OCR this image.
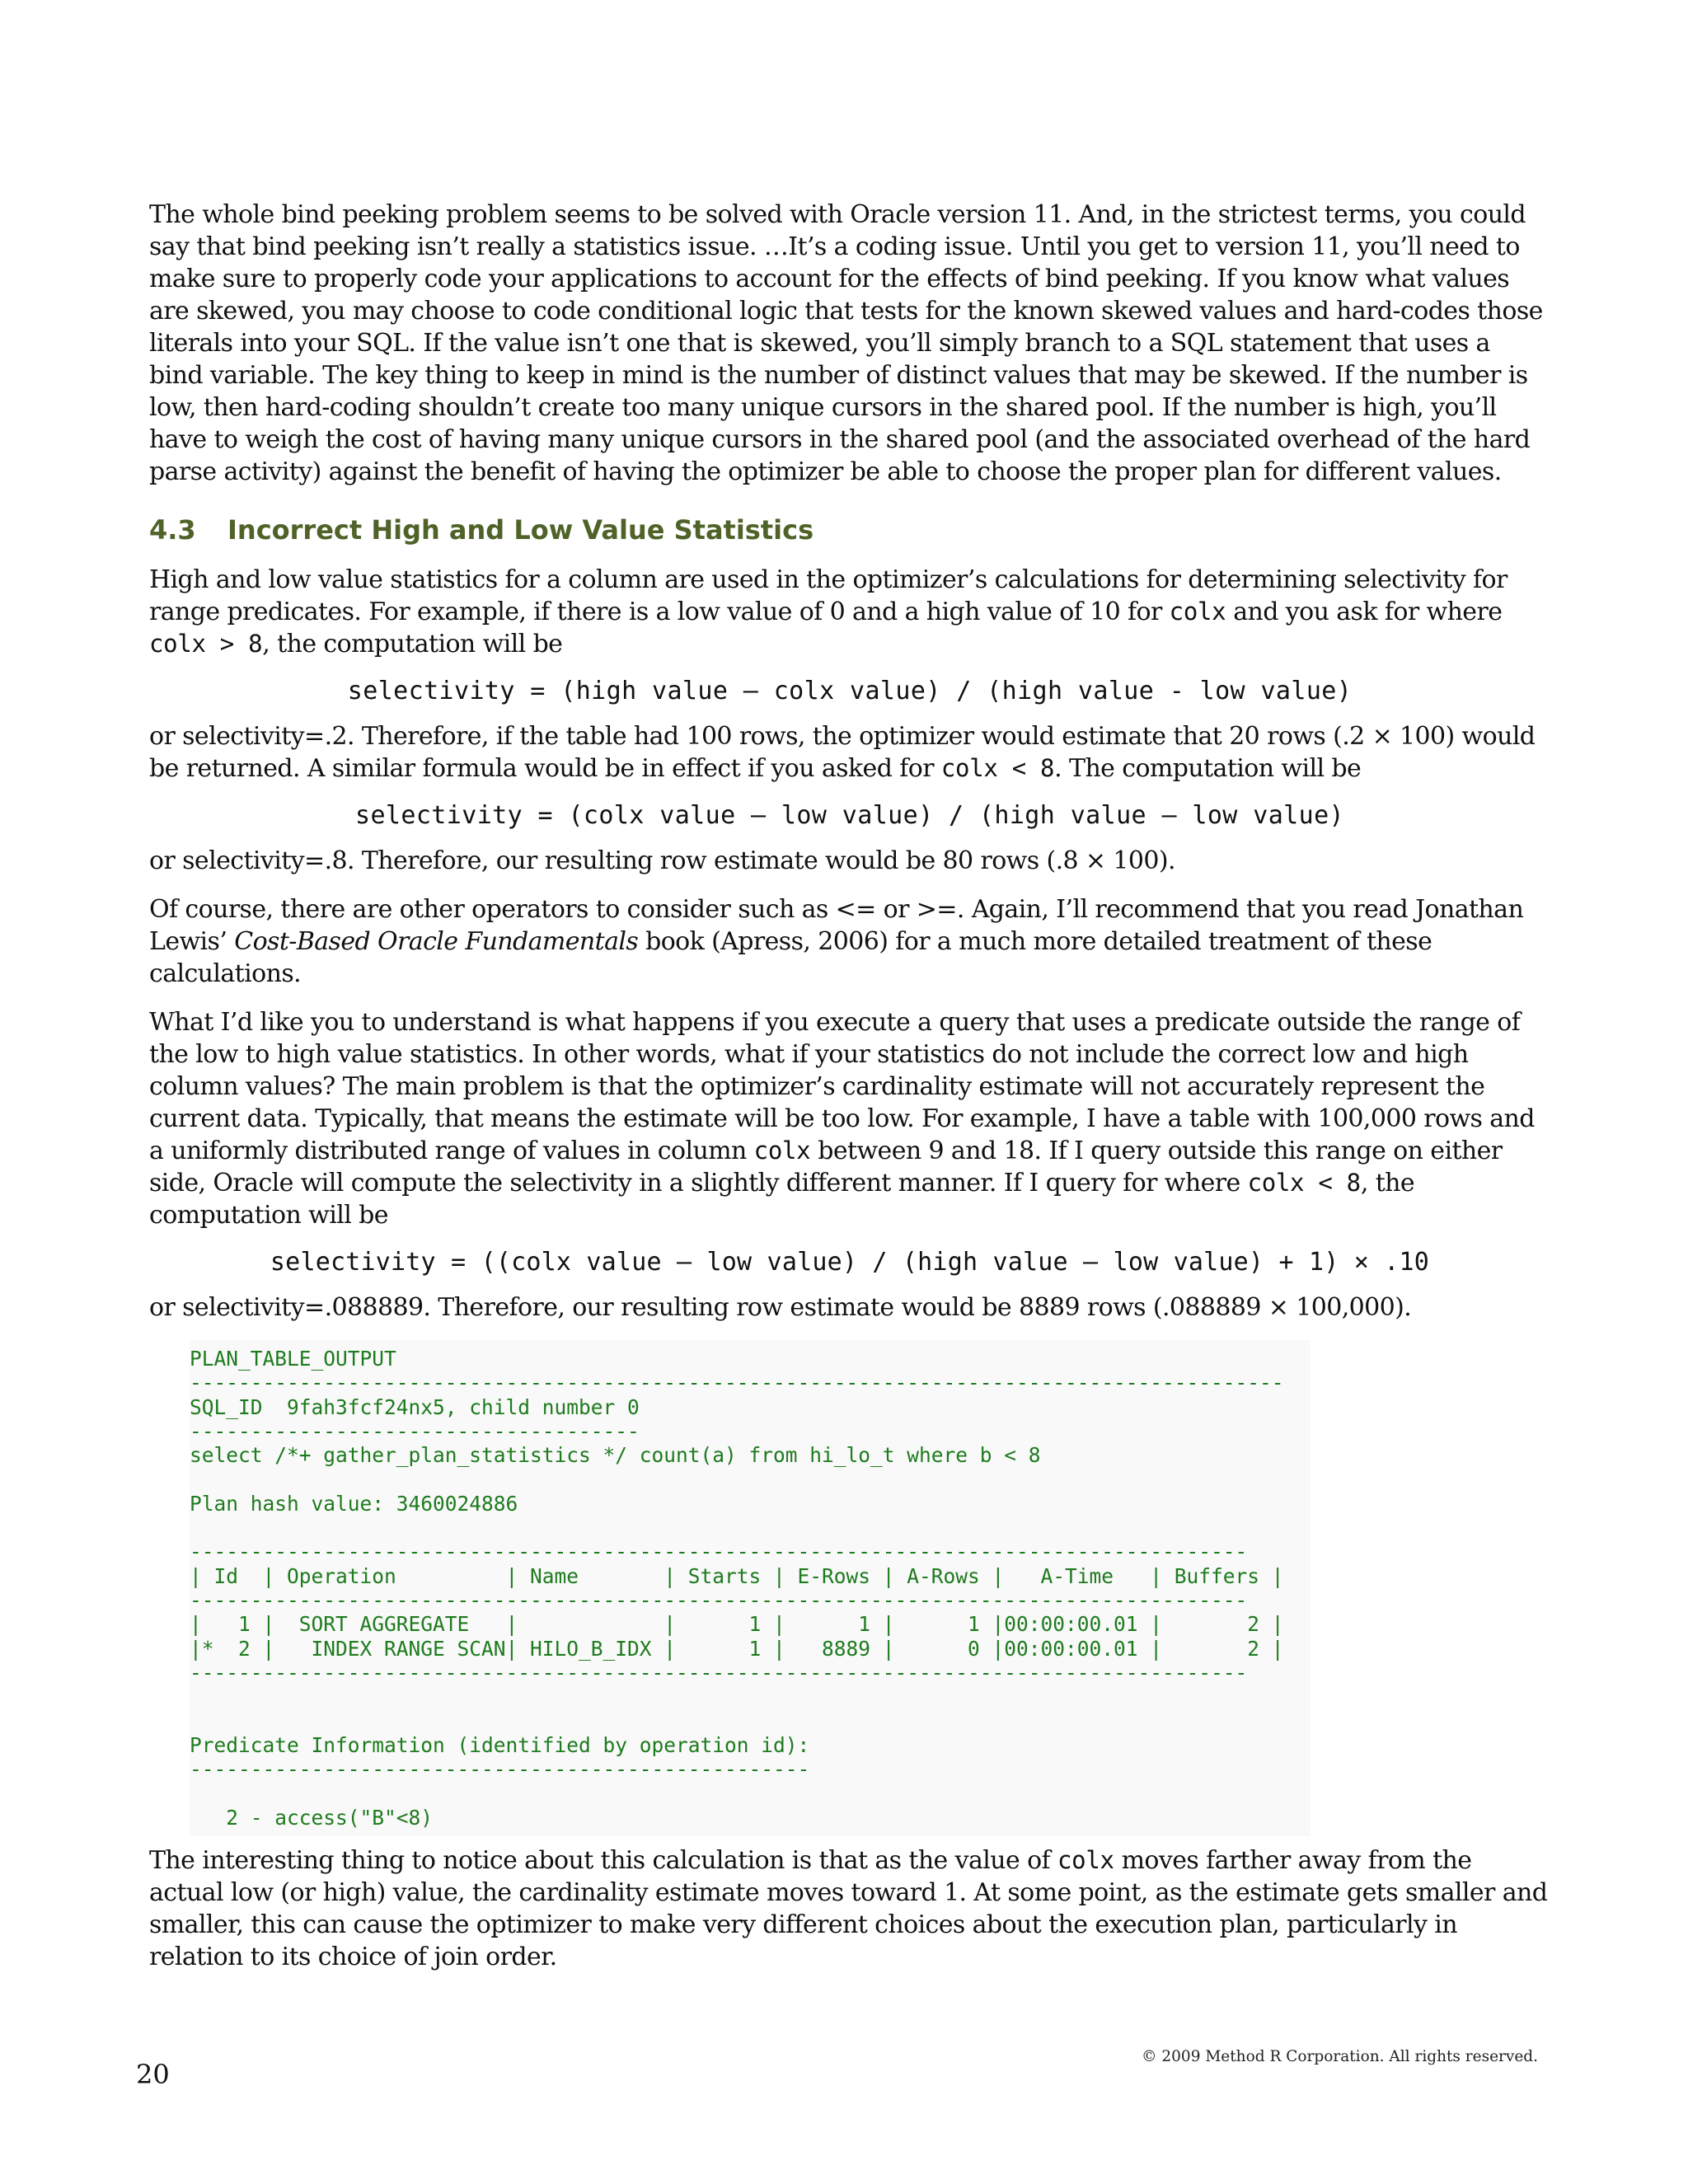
The whole bind peeking problem seems to be solved with Oracle version 11. And, in the strictest terms, you could say that bind peeking isn’t really a statistics issue. …It’s a coding issue. Until you get to version 11, you’ll need to make sure to properly code your applications to account for the effects of bind peeking. If you know what values are skewed, you may choose to code conditional logic that tests for the known skewed values and hard-codes those literals into your SQL. If the value isn’t one that is skewed, you’ll simply branch to a SQL statement that uses a bind variable. The key thing to keep in mind is the number of distinct values that may be skewed. If the number is low, then hard-coding shouldn’t create too many unique cursors in the shared pool. If the number is high, you’ll have to weigh the cost of having many unique cursors in the shared pool (and the associated overhead of the hard parse activity) against the benefit of having the optimizer be able to choose the proper plan for different values.

4.3 Incorrect High and Low Value Statistics

High and low value statistics for a column are used in the optimizer’s calculations for determining selectivity for range predicates. For example, if there is a low value of 0 and a high value of 10 for colx and you ask for where colx > 8, the computation will be

selectivity = (high value – colx value) / (high value - low value)

or selectivity=.2. Therefore, if the table had 100 rows, the optimizer would estimate that 20 rows (.2 × 100) would be returned. A similar formula would be in effect if you asked for colx < 8. The computation will be

selectivity = (colx value – low value) / (high value – low value)

or selectivity=.8. Therefore, our resulting row estimate would be 80 rows (.8 × 100).

Of course, there are other operators to consider such as <= or >=. Again, I’ll recommend that you read Jonathan Lewis’ Cost-Based Oracle Fundamentals book (Apress, 2006) for a much more detailed treatment of these calculations.

What I’d like you to understand is what happens if you execute a query that uses a predicate outside the range of the low to high value statistics. In other words, what if your statistics do not include the correct low and high column values? The main problem is that the optimizer’s cardinality estimate will not accurately represent the current data. Typically, that means the estimate will be too low. For example, I have a table with 100,000 rows and a uniformly distributed range of values in column colx between 9 and 18. If I query outside this range on either side, Oracle will compute the selectivity in a slightly different manner. If I query for where colx < 8, the computation will be

selectivity = ((colx value – low value) / (high value – low value) + 1) × .10

or selectivity=.088889. Therefore, our resulting row estimate would be 8889 rows (.088889 × 100,000).

PLAN_TABLE_OUTPUT
------------------------------------------------------------------------------------------
SQL_ID  9fah3fcf24nx5, child number 0
-------------------------------------
select /*+ gather_plan_statistics */ count(a) from hi_lo_t where b < 8

Plan hash value: 3460024886

---------------------------------------------------------------------------------------
| Id  | Operation         | Name       | Starts | E-Rows | A-Rows |   A-Time   | Buffers |
---------------------------------------------------------------------------------------
|   1 |  SORT AGGREGATE   |            |      1 |      1 |      1 |00:00:00.01 |       2 |
|*  2 |   INDEX RANGE SCAN| HILO_B_IDX |      1 |   8889 |      0 |00:00:00.01 |       2 |
---------------------------------------------------------------------------------------

Predicate Information (identified by operation id):
---------------------------------------------------

2 - access("B"<8)

The interesting thing to notice about this calculation is that as the value of colx moves farther away from the actual low (or high) value, the cardinality estimate moves toward 1. At some point, as the estimate gets smaller and smaller, this can cause the optimizer to make very different choices about the execution plan, particularly in relation to its choice of join order.

© 2009 Method R Corporation. All rights reserved.
20
